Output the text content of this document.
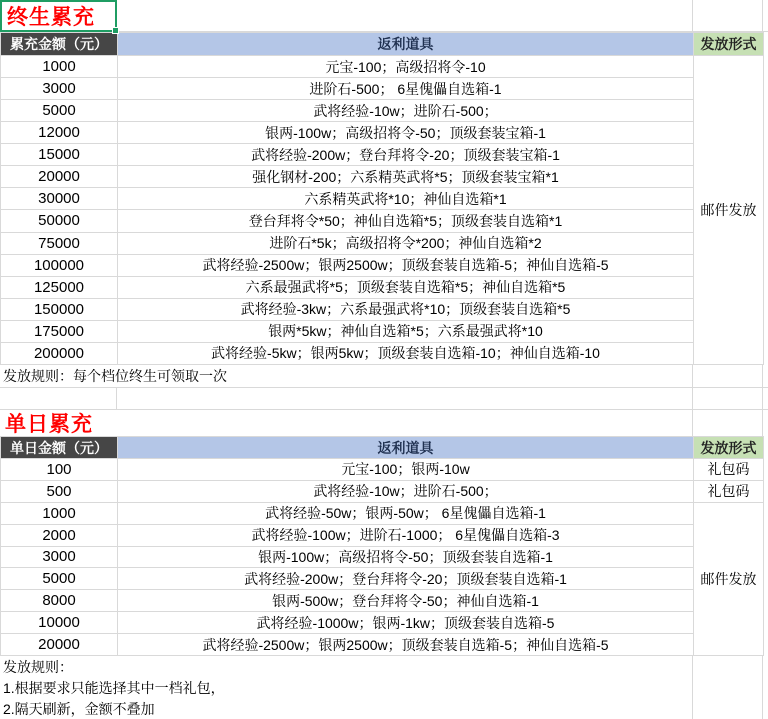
终生累充
累充金额（元）	返利道具	发放形式
1000	元宝-100；高级招将令-10	邮件发放
3000	进阶石-500； 6星傀儡自选箱-1	
5000	武将经验-10w；进阶石-500；	
12000	银两-100w；高级招将令-50；顶级套装宝箱-1	
15000	武将经验-200w；登台拜将令-20；顶级套装宝箱-1	
20000	强化钢材-200；六系精英武将*5；顶级套装宝箱*1	
30000	六系精英武将*10；神仙自选箱*1	
50000	登台拜将令*50；神仙自选箱*5；顶级套装自选箱*1	
75000	进阶石*5k；高级招将令*200；神仙自选箱*2	
100000	武将经验-2500w；银两2500w；顶级套装自选箱-5；神仙自选箱-5	
125000	六系最强武将*5；顶级套装自选箱*5；神仙自选箱*5	
150000	武将经验-3kw；六系最强武将*10；顶级套装自选箱*5	
175000	银两*5kw；神仙自选箱*5；六系最强武将*10	
200000	武将经验-5kw；银两5kw；顶级套装自选箱-10；神仙自选箱-10	
发放规则：每个档位终生可领取一次
单日累充
单日金额（元）	返利道具	发放形式
100	元宝-100；银两-10w	礼包码
500	武将经验-10w；进阶石-500；	礼包码
1000	武将经验-50w；银两-50w； 6星傀儡自选箱-1	邮件发放
2000	武将经验-100w；进阶石-1000； 6星傀儡自选箱-3	
3000	银两-100w；高级招将令-50；顶级套装自选箱-1	
5000	武将经验-200w；登台拜将令-20；顶级套装自选箱-1	
8000	银两-500w；登台拜将令-50；神仙自选箱-1	
10000	武将经验-1000w；银两-1kw；顶级套装自选箱-5	
20000	武将经验-2500w；银两2500w；顶级套装自选箱-5；神仙自选箱-5	
发放规则：
1.根据要求只能选择其中一档礼包，
2.隔天刷新，金额不叠加
